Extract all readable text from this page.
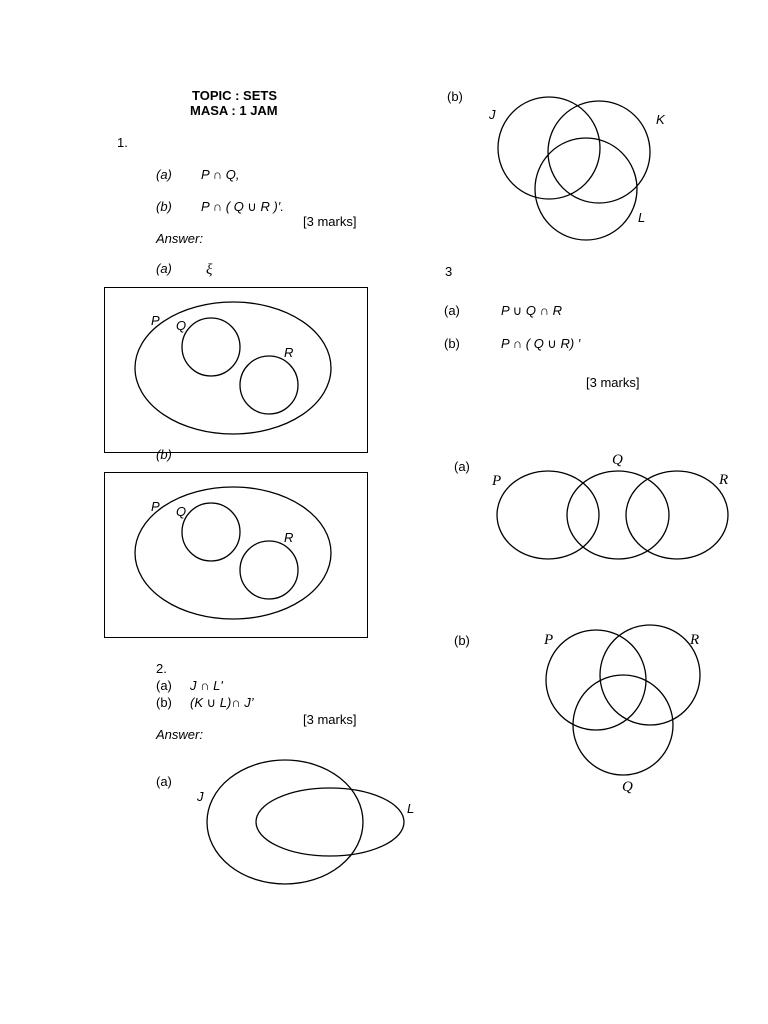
TOPIC : SETS
MASA : 1 JAM
1.
(a) P ∩ Q,
(b) P ∩ ( Q ∪ R )′.
[3 marks]
Answer:
(a) ξ
P Q
R
(b)
P Q
R
2.
(a) J ∩ L'
(b) (K ∪ L)∩ J’
[3 marks]
Answer:
(a)
J
L
(b)
J	K
L
3
(a)	P ∪ Q ∩ R
(b)	P ∩ ( Q ∪ R) ′
[3 marks]
(a)
P
Q
R
(b)	P	R
Q
